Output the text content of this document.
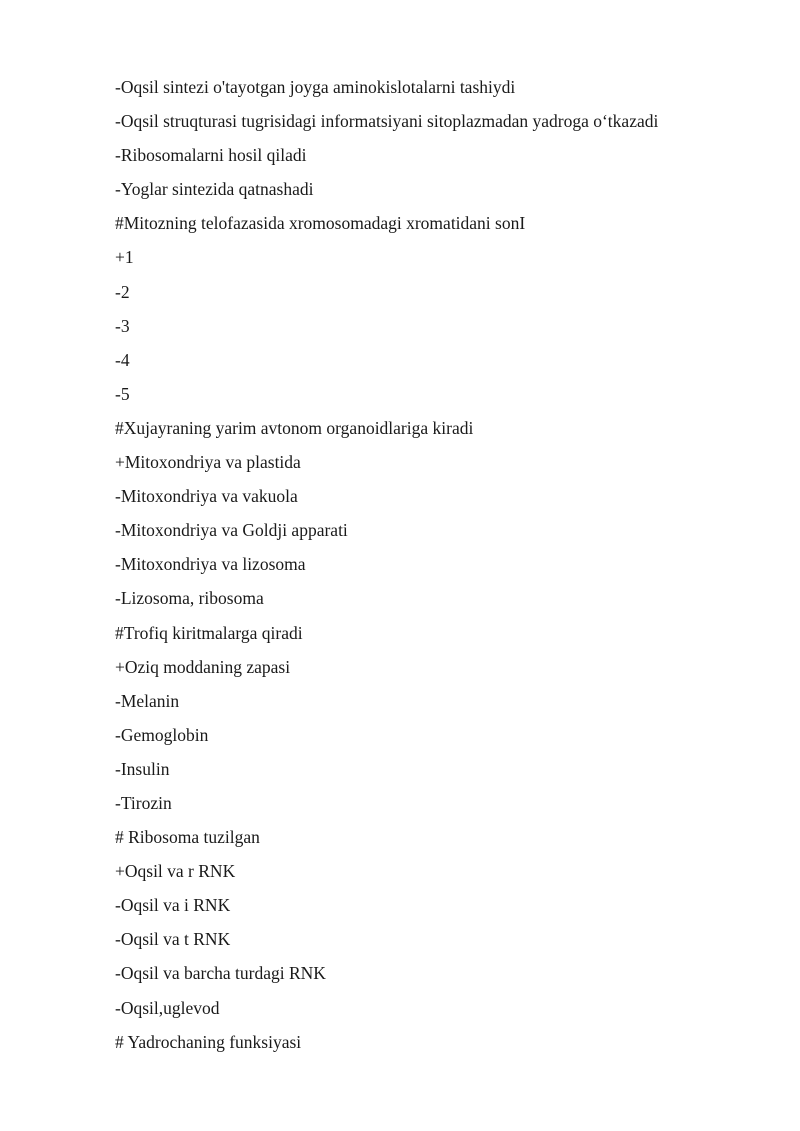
-Oqsil sintezi o'tayotgan joyga aminokislotalarni tashiydi
-Oqsil struqturasi tugrisidagi informatsiyani sitoplazmadan yadroga o‘tkazadi
-Ribosomalarni hosil qiladi
-Yoglar sintezida qatnashadi
#Mitozning telofazasida xromosomadagi xromatidani sonI
+1
-2
-3
-4
-5
#Xujayraning yarim avtonom organoidlariga kiradi
+Mitoxondriya va plastida
-Mitoxondriya va vakuola
-Mitoxondriya va Goldji apparati
-Mitoxondriya va lizosoma
-Lizosoma, ribosoma
#Trofiq kiritmalarga qiradi
+Oziq moddaning zapasi
-Melanin
-Gemoglobin
-Insulin
-Tirozin
# Ribosoma tuzilgan
+Oqsil va r RNK
-Oqsil va i RNK
-Oqsil va t RNK
-Oqsil va barcha turdagi RNK
-Oqsil,uglevod
# Yadrochaning funksiyasi
